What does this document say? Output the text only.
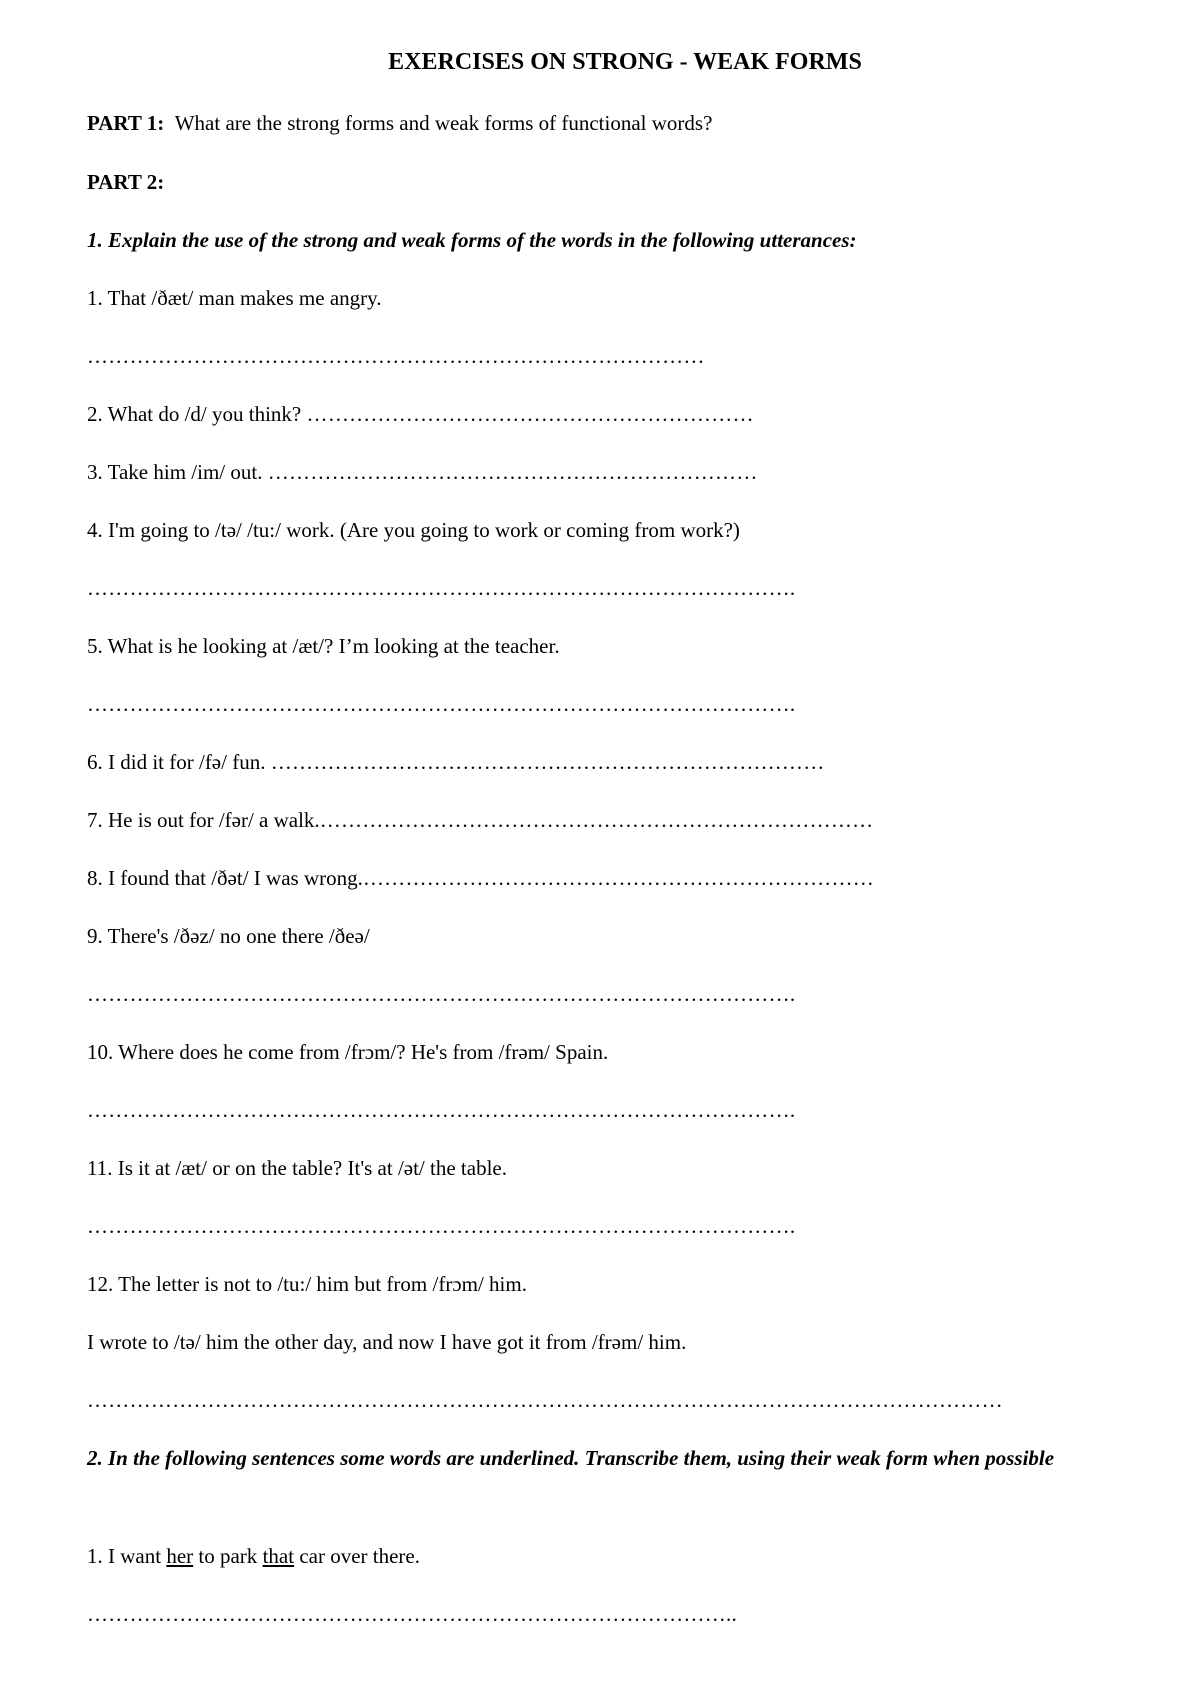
EXERCISES ON STRONG - WEAK FORMS
PART 1: What are the strong forms and weak forms of functional words?
PART 2:
1. Explain the use of the strong and weak forms of the words in the following utterances:
1. That /ðæt/ man makes me angry.
……………………………………………………………………………
2. What do /d/ you think? ………………………………………………………
3. Take him /im/ out. ……………………………………………………………
4. I'm going to /tə/ /tu:/ work. (Are you going to work or coming from work?)
……………………………………………………………………………………….
5. What is he looking at /æt/? I’m looking at the teacher.
……………………………………………………………………………………….
6. I did it for /fə/ fun. ……………………………………………………………………
7. He is out for /fər/ a walk.……………………………………………………………………
8. I found that /ðət/ I was wrong.………………………………………………………………
9. There's /ðəz/ no one there /ðeə/
……………………………………………………………………………………….
10. Where does he come from /frɔm/? He's from /frəm/ Spain.
……………………………………………………………………………………….
11. Is it at /æt/ or on the table? It's at /ət/ the table.
……………………………………………………………………………………….
12. The letter is not to /tu:/ him but from /frɔm/ him.
I wrote to /tə/ him the other day, and now I have got it from /frəm/ him.
…………………………………………………………………………………………………………………
2. In the following sentences some words are underlined. Transcribe them, using their weak form when possible
1. I want her to park that car over there.
………………………………………………………………………………..
